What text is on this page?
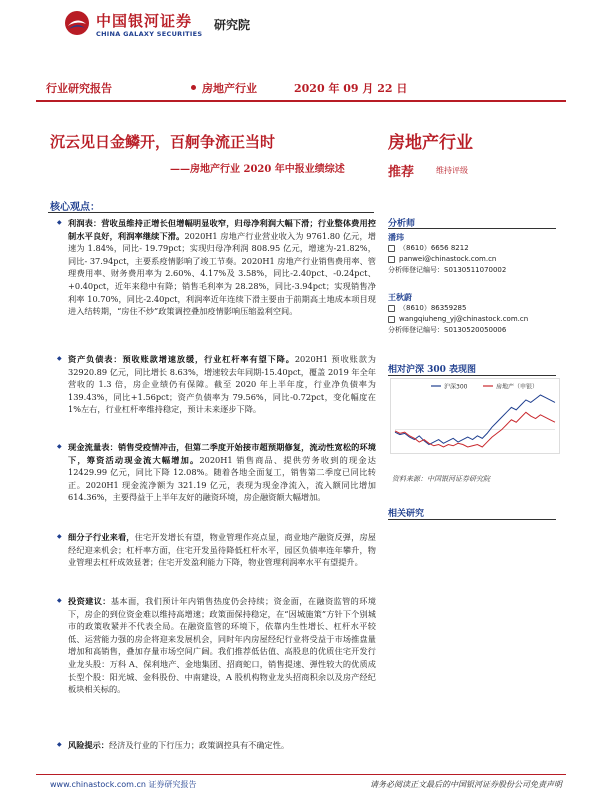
中国银河证券
CHINA GALAXY SECURITIES
研究院
行业研究报告	房地产行业	2020 年 09 月 22 日
沉云见日金鳞开，百舸争流正当时
——房地产行业 2020 年中报业绩综述
房地产行业
推荐	维持评级
核心观点：
◆ 利润表：营收虽维持正增长但增幅明显收窄，归母净利润大幅下滑；行业整体费用控制水平良好，利润率继续下滑。2020H1 房地产行业营业收入为 9761.80 亿元，增速为 1.84%，同比- 19.79pct；实现归母净利润 808.95 亿元，增速为-21.82%，同比- 37.94pct，主要系疫情影响了竣工节奏。2020H1 房地产行业销售费用率、管理费用率、财务费用率为 2.60%、4.17%及 3.58%，同比-2.40pct、-0.24pct、+0.40pct，近年来稳中有降；销售毛利率为 28.28%，同比-3.94pct；实现销售净利率 10.70%，同比-2.40pct，利润率近年连续下滑主要由于前期高土地成本项目现进入结转期，“房住不炒”政策调控叠加疫情影响压缩盈利空间。
◆ 资产负债表：预收账款增速放缓，行业杠杆率有望下降。2020H1 预收账款为 32920.89 亿元，同比增长 8.63%，增速较去年同期-15.40pct，覆盖 2019 年全年营收的 1.3 倍，房企业绩仍有保障。截至 2020 年上半年度，行业净负债率为 139.43%，同比+1.56pct；资产负债率为 79.56%，同比-0.72pct，变化幅度在 1%左右，行业杠杆率维持稳定，预计未来逐步下降。
◆ 现金流量表：销售受疫情冲击，但第二季度开始接市超预期修复，流动性宽松的环境下，筹资活动现金流大幅增加。2020H1 销售商品、提供劳务收到的现金达 12429.99 亿元，同比下降 12.08%。随着各地全面复工，销售第二季度已同比转正。2020H1 现金流净额为 321.19 亿元，表现为现金净流入，流入额同比增加 614.36%，主要得益于上半年友好的融资环境，房企融资额大幅增加。
◆ 细分子行业来看，住宅开发增长有望，物业管理作亮点显，商业地产融资反弹，房屋经纪迎来机会；杠杆率方面，住宅开发虽待降低杠杆水平，园区负债率连年攀升，物业管理去杠杆成效显著；住宅开发盈利能力下降，物业管理利润率水平有望提升。
◆ 投资建议：基本面，我们预计年内销售热度仍会持续；资金面，在融资监管的环境下，房企的到位资金难以维持高增速；政策面保持稳定，在“因城施策”方针下个别城市的政策收紧并不代表全局。在融资监管的环境下，依靠内生性增长、杠杆水平较低、运营能力强的房企将迎来发展机会，同时年内房屋经纪行业将受益于市场推盘量增加和高销售，叠加存量市场空间广阔。我们推荐低估值、高股息的优质住宅开发行业龙头股：万科 A、保利地产、金地集团、招商蛇口，销售提速、弹性较大的优质成长型个股：阳光城、金科股份、中南建设，A 股机构物业龙头招商积余以及房产经纪板块相关标的。
◆ 风险提示：经济及行业的下行压力；政策调控具有不确定性。
分析师
潘玮
（8610）6656 8212
panwei@chinastock.com.cn
分析师登记编号：S0130511070002
王秋蔚
（8610）86359285
wangqiuheng_yj@chinastock.com.cn
分析师登记编号：S0130520050006
相对沪深 300 表现图
沪深300	房地产（申银）
资料来源：中国银河证券研究院
相关研究
www.chinastock.com.cn 证券研究报告	请务必阅读正文最后的中国银河证券股份公司免责声明
